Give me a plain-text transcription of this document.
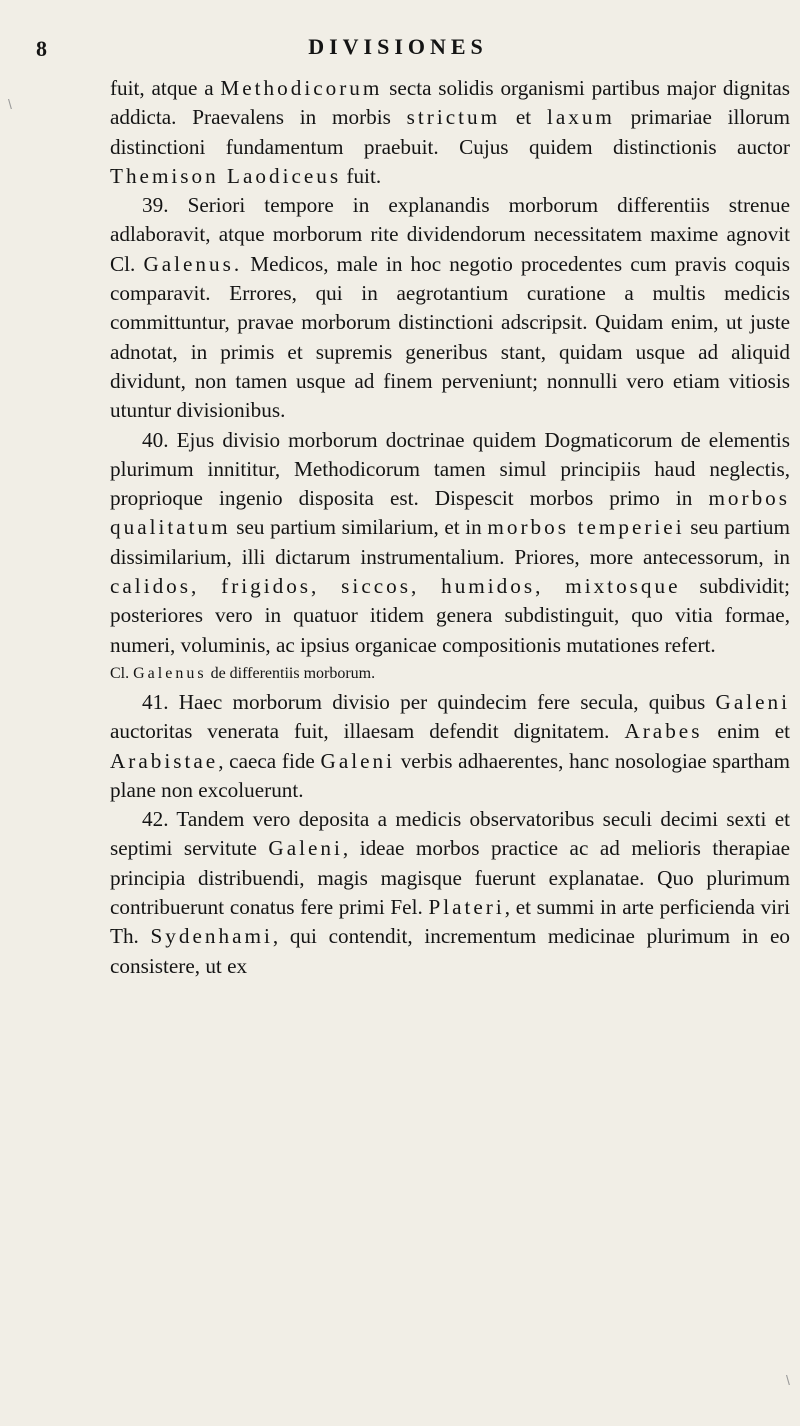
8	DIVISIONES

fuit, atque a Methodicorum secta solidis organismi partibus major dignitas addicta. Praevalens in morbis strictum et laxum primariae illorum distinctioni fundamentum praebuit. Cujus quidem distinctionis auctor Themison Laodiceus fuit.

39. Seriori tempore in explanandis morborum differentiis strenue adlaboravit, atque morborum rite dividendorum necessitatem maxime agnovit Cl. Galenus. Medicos, male in hoc negotio procedentes cum pravis coquis comparavit. Errores, qui in aegrotantium curatione a multis medicis committuntur, pravae morborum distinctioni adscripsit. Quidam enim, ut juste adnotat, in primis et supremis generibus stant, quidam usque ad aliquid dividunt, non tamen usque ad finem perveniunt; nonnulli vero etiam vitiosis utuntur divisionibus.

40. Ejus divisio morborum doctrinae quidem Dogmaticorum de elementis plurimum innititur, Methodicorum tamen simul principiis haud neglectis, proprioque ingenio disposita est. Dispescit morbos primo in morbos qualitatum seu partium similarium, et in morbos temperiei seu partium dissimilarium, illi dictarum instrumentalium. Priores, more antecessorum, in calidos, frigidos, siccos, humidos, mixtosque subdividit; posteriores vero in quatuor itidem genera subdistinguit, quo vitia formae, numeri, voluminis, ac ipsius organicae compositionis mutationes refert.

Cl. Galenus de differentiis morborum.

41. Haec morborum divisio per quindecim fere secula, quibus Galeni auctoritas venerata fuit, illaesam defendit dignitatem. Arabes enim et Arabistae, caeca fide Galeni verbis adhaerentes, hanc nosologiae spartham plane non excoluerunt.

42. Tandem vero deposita a medicis observatoribus seculi decimi sexti et septimi servitute Galeni, ideae morbos practice ac ad melioris therapiae principia distribuendi, magis magisque fuerunt explanatae. Quo plurimum contribuerunt conatus fere primi Fel. Plateri, et summi in arte perficienda viri Th. Sydenhami, qui contendit, incrementum medicinae plurimum in eo consistere, ut ex

\
\
